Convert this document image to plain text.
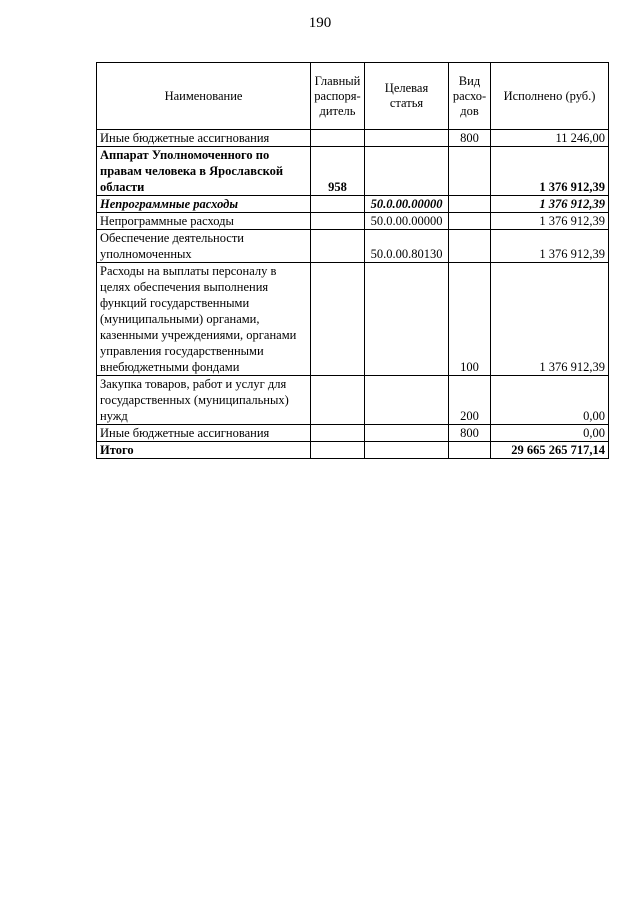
190
Наименование	Главный распоря-дитель	Целевая статья	Вид расхо-дов	Исполнено (руб.)
Иные бюджетные ассигнования			800	11 246,00
Аппарат Уполномоченного по правам человека в Ярославской области	958			1 376 912,39
Непрограммные расходы		50.0.00.00000		1 376 912,39
Непрограммные расходы		50.0.00.00000		1 376 912,39
Обеспечение деятельности уполномоченных		50.0.00.80130		1 376 912,39
Расходы на выплаты персоналу в целях обеспечения выполнения функций государственными (муниципальными) органами, казенными учреждениями, органами управления государственными внебюджетными фондами			100	1 376 912,39
Закупка товаров, работ и услуг для государственных (муниципальных) нужд			200	0,00
Иные бюджетные ассигнования			800	0,00
Итого				29 665 265 717,14
